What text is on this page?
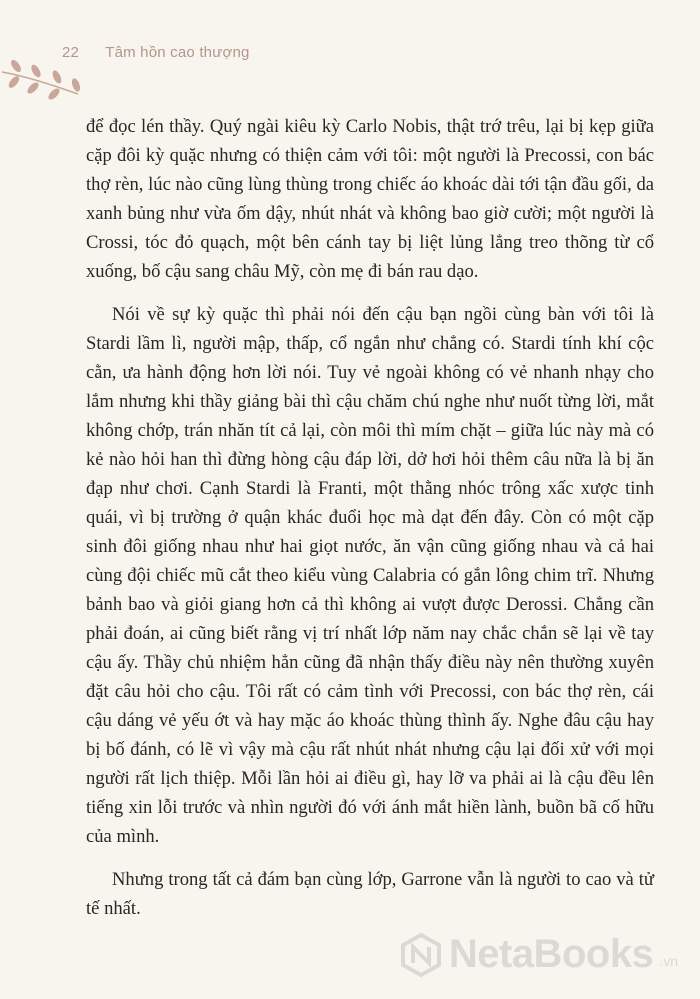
22 Tâm hồn cao thượng

để đọc lén thầy. Quý ngài kiêu kỳ Carlo Nobis, thật trớ trêu, lại bị kẹp giữa cặp đôi kỳ quặc nhưng có thiện cảm với tôi: một người là Precossi, con bác thợ rèn, lúc nào cũng lùng thùng trong chiếc áo khoác dài tới tận đầu gối, da xanh bủng như vừa ốm dậy, nhút nhát và không bao giờ cười; một người là Crossi, tóc đỏ quạch, một bên cánh tay bị liệt lủng lẳng treo thõng từ cổ xuống, bố cậu sang châu Mỹ, còn mẹ đi bán rau dạo.

Nói về sự kỳ quặc thì phải nói đến cậu bạn ngồi cùng bàn với tôi là Stardi lầm lì, người mập, thấp, cổ ngắn như chẳng có. Stardi tính khí cộc cằn, ưa hành động hơn lời nói. Tuy vẻ ngoài không có vẻ nhanh nhạy cho lắm nhưng khi thầy giảng bài thì cậu chăm chú nghe như nuốt từng lời, mắt không chớp, trán nhăn tít cả lại, còn môi thì mím chặt – giữa lúc này mà có kẻ nào hỏi han thì đừng hòng cậu đáp lời, dở hơi hỏi thêm câu nữa là bị ăn đạp như chơi. Cạnh Stardi là Franti, một thằng nhóc trông xấc xược tinh quái, vì bị trường ở quận khác đuổi học mà dạt đến đây. Còn có một cặp sinh đôi giống nhau như hai giọt nước, ăn vận cũng giống nhau và cả hai cùng đội chiếc mũ cắt theo kiểu vùng Calabria có gắn lông chim trĩ. Nhưng bảnh bao và giỏi giang hơn cả thì không ai vượt được Derossi. Chẳng cần phải đoán, ai cũng biết rằng vị trí nhất lớp năm nay chắc chắn sẽ lại về tay cậu ấy. Thầy chủ nhiệm hẳn cũng đã nhận thấy điều này nên thường xuyên đặt câu hỏi cho cậu. Tôi rất có cảm tình với Precossi, con bác thợ rèn, cái cậu dáng vẻ yếu ớt và hay mặc áo khoác thùng thình ấy. Nghe đâu cậu hay bị bố đánh, có lẽ vì vậy mà cậu rất nhút nhát nhưng cậu lại đối xử với mọi người rất lịch thiệp. Mỗi lần hỏi ai điều gì, hay lỡ va phải ai là cậu đều lên tiếng xin lỗi trước và nhìn người đó với ánh mắt hiền lành, buồn bã cố hữu của mình.

Nhưng trong tất cả đám bạn cùng lớp, Garrone vẫn là người to cao và tử tế nhất.

NetaBooks .vn
